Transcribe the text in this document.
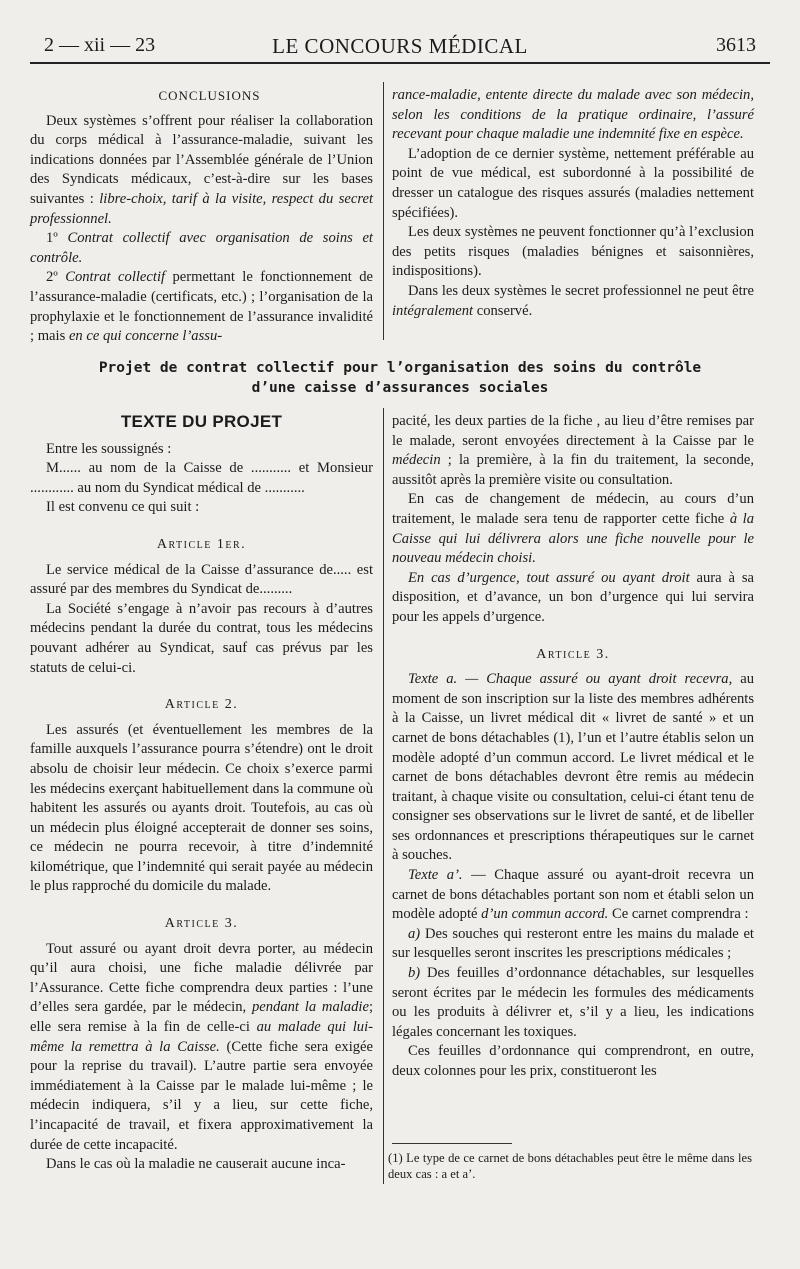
2 — xii — 23	LE CONCOURS MÉDICAL	3613

CONCLUSIONS

Deux systèmes s’offrent pour réaliser la collaboration du corps médical à l’assurance-maladie, suivant les indications données par l’Assemblée générale de l’Union des Syndicats médicaux, c’est-à-dire sur les bases suivantes : libre-choix, tarif à la visite, respect du secret professionnel.

1º Contrat collectif avec organisation de soins et contrôle.

2º Contrat collectif permettant le fonctionnement de l’assurance-maladie (certificats, etc.) ; l’organisation de la prophylaxie et le fonctionnement de l’assurance invalidité ; mais en ce qui concerne l’assu-

rance-maladie, entente directe du malade avec son médecin, selon les conditions de la pratique ordinaire, l’assuré recevant pour chaque maladie une indemnité fixe en espèce.

L’adoption de ce dernier système, nettement préférable au point de vue médical, est subordonné à la possibilité de dresser un catalogue des risques assurés (maladies nettement spécifiées).

Les deux systèmes ne peuvent fonctionner qu’à l’exclusion des petits risques (maladies bénignes et saisonnières, indispositions).

Dans les deux systèmes le secret professionnel ne peut être intégralement conservé.

Projet de contrat collectif pour l’organisation des soins du contrôle
d’une caisse d’assurances sociales

TEXTE DU PROJET

Entre les soussignés :

M...... au nom de la Caisse de ........... et Monsieur ............ au nom du Syndicat médical de ...........

Il est convenu ce qui suit :

Article 1er.

Le service médical de la Caisse d’assurance de..... est assuré par des membres du Syndicat de.........

La Société s’engage à n’avoir pas recours à d’autres médecins pendant la durée du contrat, tous les médecins pouvant adhérer au Syndicat, sauf cas prévus par les statuts de celui-ci.

Article 2.

Les assurés (et éventuellement les membres de la famille auxquels l’assurance pourra s’étendre) ont le droit absolu de choisir leur médecin. Ce choix s’exerce parmi les médecins exerçant habituellement dans la commune où habitent les assurés ou ayants droit. Toutefois, au cas où un médecin plus éloigné accepterait de donner ses soins, ce médecin ne pourra recevoir, à titre d’indemnité kilométrique, que l’indemnité qui serait payée au médecin le plus rapproché du domicile du malade.

Article 3.

Tout assuré ou ayant droit devra porter, au médecin qu’il aura choisi, une fiche maladie délivrée par l’Assurance. Cette fiche comprendra deux parties : l’une d’elles sera gardée, par le médecin, pendant la maladie; elle sera remise à la fin de celle-ci au malade qui lui-même la remettra à la Caisse. (Cette fiche sera exigée pour la reprise du travail). L’autre partie sera envoyée immédiatement à la Caisse par le malade lui-même ; le médecin indiquera, s’il y a lieu, sur cette fiche, l’incapacité de travail, et fixera approximativement la durée de cette incapacité.

Dans le cas où la maladie ne causerait aucune inca-

pacité, les deux parties de la fiche , au lieu d’être remises par le malade, seront envoyées directement à la Caisse par le médecin ; la première, à la fin du traitement, la seconde, aussitôt après la première visite ou consultation.

En cas de changement de médecin, au cours d’un traitement, le malade sera tenu de rapporter cette fiche à la Caisse qui lui délivrera alors une fiche nouvelle pour le nouveau médecin choisi.

En cas d’urgence, tout assuré ou ayant droit aura à sa disposition, et d’avance, un bon d’urgence qui lui servira pour les appels d’urgence.

Article 3.

Texte a. — Chaque assuré ou ayant droit recevra, au moment de son inscription sur la liste des membres adhérents à la Caisse, un livret médical dit « livret de santé » et un carnet de bons détachables (1), l’un et l’autre établis selon un modèle adopté d’un commun accord. Le livret médical et le carnet de bons détachables devront être remis au médecin traitant, à chaque visite ou consultation, celui-ci étant tenu de consigner ses observations sur le livret de santé, et de libeller ses ordonnances et prescriptions thérapeutiques sur le carnet à souches.

Texte a’. — Chaque assuré ou ayant-droit recevra un carnet de bons détachables portant son nom et établi selon un modèle adopté d’un commun accord. Ce carnet comprendra :

a) Des souches qui resteront entre les mains du malade et sur lesquelles seront inscrites les prescriptions médicales ;

b) Des feuilles d’ordonnance détachables, sur lesquelles seront écrites par le médecin les formules des médicaments ou les produits à délivrer et, s’il y a lieu, les indications légales concernant les toxiques.

Ces feuilles d’ordonnance qui comprendront, en outre, deux colonnes pour les prix, constitueront les

(1) Le type de ce carnet de bons détachables peut être le même dans les deux cas : a et a’.
